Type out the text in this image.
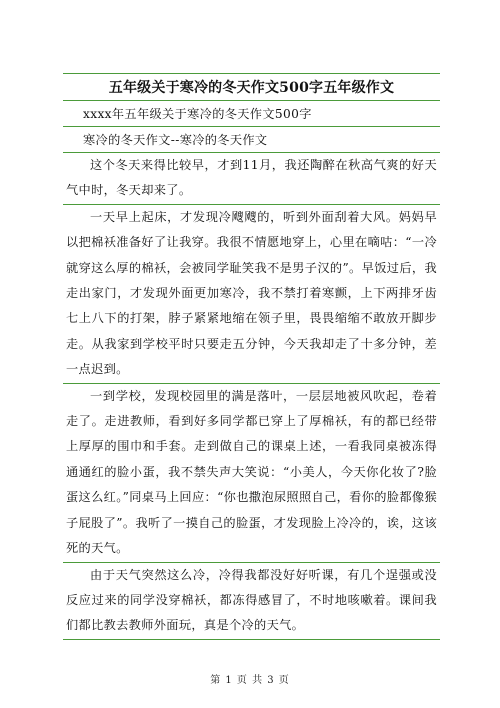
五年级关于寒冷的冬天作文500字五年级作文
xxxx年五年级关于寒冷的冬天作文500字
寒冷的冬天作文--寒冷的冬天作文
这个冬天来得比较早，才到11月，我还陶醉在秋高气爽的好天气中时，冬天却来了。
一天早上起床，才发现冷飕飕的，听到外面刮着大风。妈妈早以把棉袄准备好了让我穿。我很不情愿地穿上，心里在嘀咕：“一冷就穿这么厚的棉袄，会被同学耻笑我不是男子汉的”。早饭过后，我走出家门，才发现外面更加寒冷，我不禁打着寒颤，上下两排牙齿七上八下的打架，脖子紧紧地缩在领子里，畏畏缩缩不敢放开脚步走。从我家到学校平时只要走五分钟，今天我却走了十多分钟，差一点迟到。
一到学校，发现校园里的满是落叶，一层层地被风吹起，卷着走了。走进教师，看到好多同学都已穿上了厚棉袄，有的都已经带上厚厚的围巾和手套。走到做自己的课桌上述，一看我同桌被冻得通通红的脸小蛋，我不禁失声大笑说：“小美人，今天你化妆了?脸蛋这么红。”同桌马上回应：“你也撒泡尿照照自己，看你的脸都像猴子屁股了”。我听了一摸自己的脸蛋，才发现脸上冷冷的，诶，这该死的天气。
由于天气突然这么冷，冷得我都没好好听课，有几个逞强或没反应过来的同学没穿棉袄，都冻得感冒了，不时地咳嗽着。课间我们都比教去教师外面玩，真是个冷的天气。
第 1 页 共 3 页
